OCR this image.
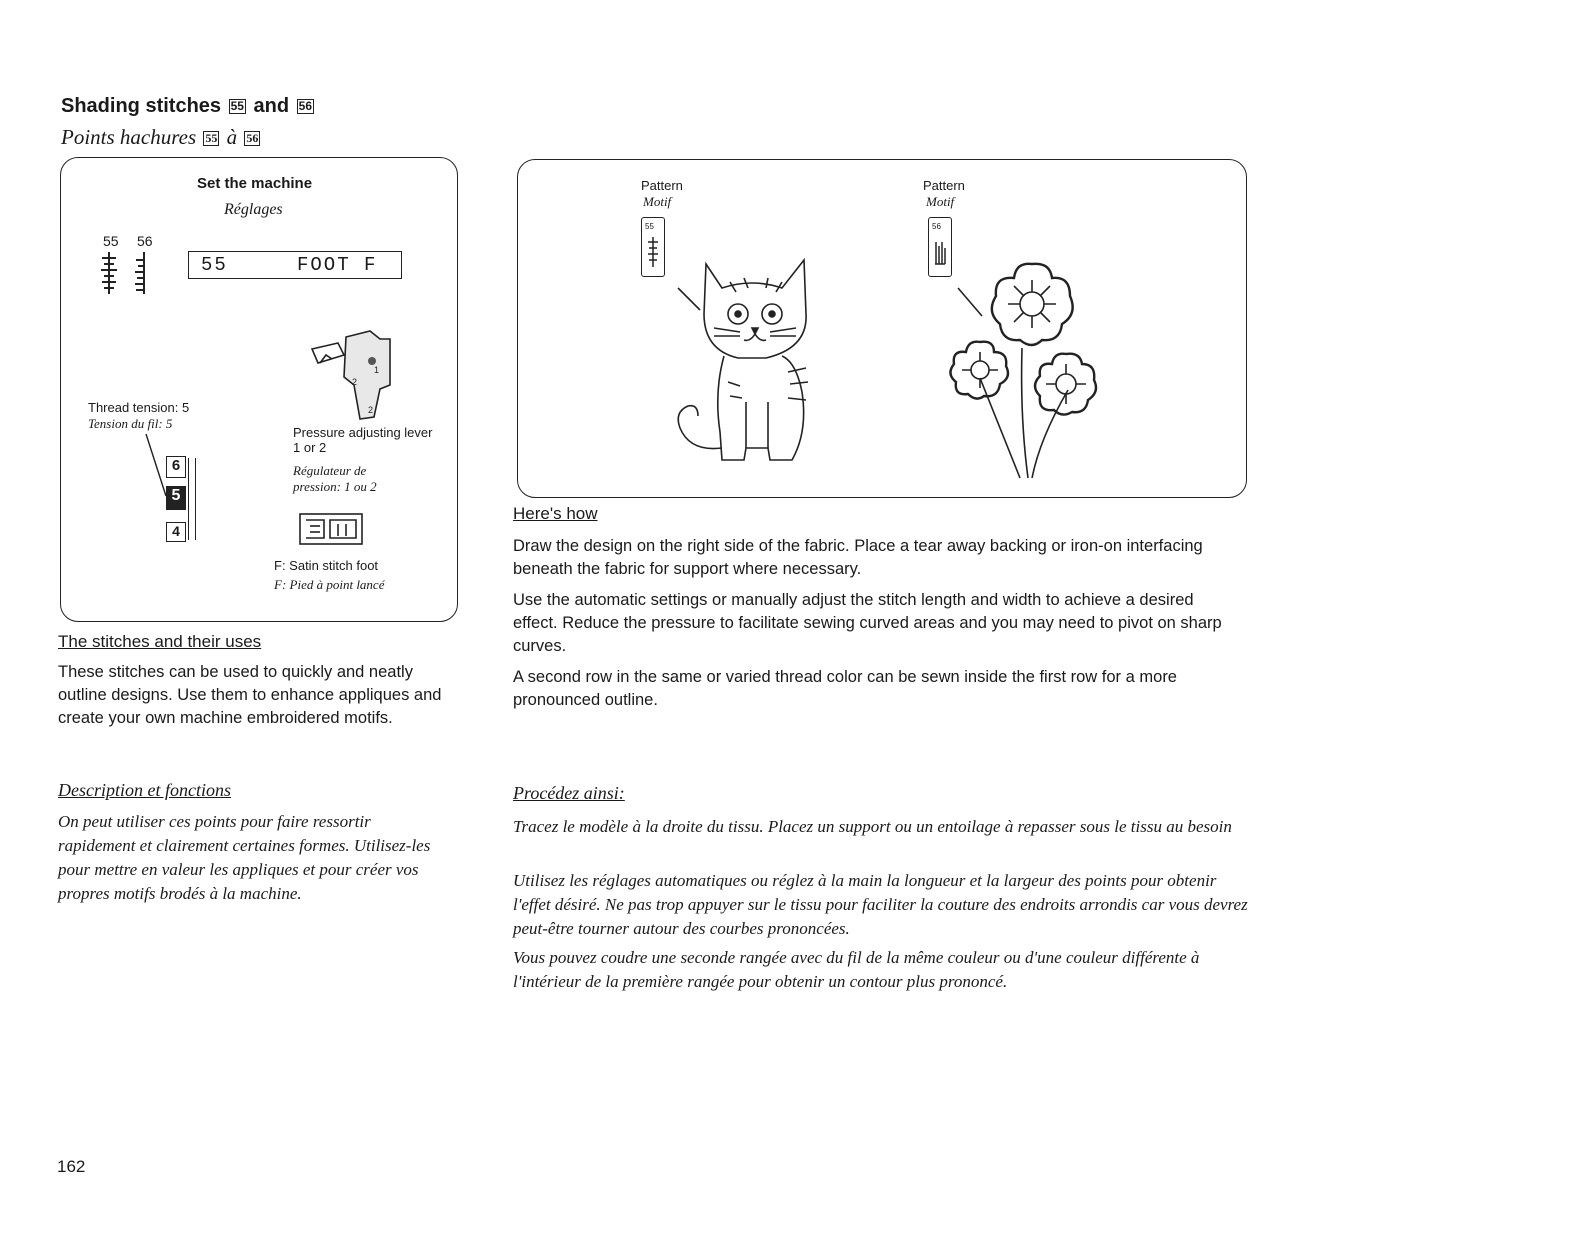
Shading stitches 55 and 56
Points hachures 55 à 56
Set the machine
Réglages
55 56
55	FOOT F
2
1
2
Thread tension: 5
Tension du fil: 5
6
5
4
Pressure adjusting lever 1 or 2
Régulateur de pression: 1 ou 2
F: Satin stitch foot
F: Pied à point lancé
Pattern
Motif
Pattern
Motif
55	56
The stitches and their uses

These stitches can be used to quickly and neatly outline designs. Use them to enhance appliques and create your own machine embroidered motifs.

Description et fonctions

On peut utiliser ces points pour faire ressortir rapidement et clairement certaines formes. Utilisez-les pour mettre en valeur les appliques et pour créer vos propres motifs brodés à la machine.

Here's how

Draw the design on the right side of the fabric. Place a tear away backing or iron-on interfacing beneath the fabric for support where necessary.

Use the automatic settings or manually adjust the stitch length and width to achieve a desired effect. Reduce the pressure to facilitate sewing curved areas and you may need to pivot on sharp curves.

A second row in the same or varied thread color can be sewn inside the first row for a more pronounced outline.

Procédez ainsi:

Tracez le modèle à la droite du tissu. Placez un support ou un entoilage à repasser sous le tissu au besoin

Utilisez les réglages automatiques ou réglez à la main la longueur et la largeur des points pour obtenir l'effet désiré. Ne pas trop appuyer sur le tissu pour faciliter la couture des endroits arrondis car vous devrez peut-être tourner autour des courbes prononcées.

Vous pouvez coudre une seconde rangée avec du fil de la même couleur ou d'une couleur différente à l'intérieur de la première rangée pour obtenir un contour plus prononcé.

162
